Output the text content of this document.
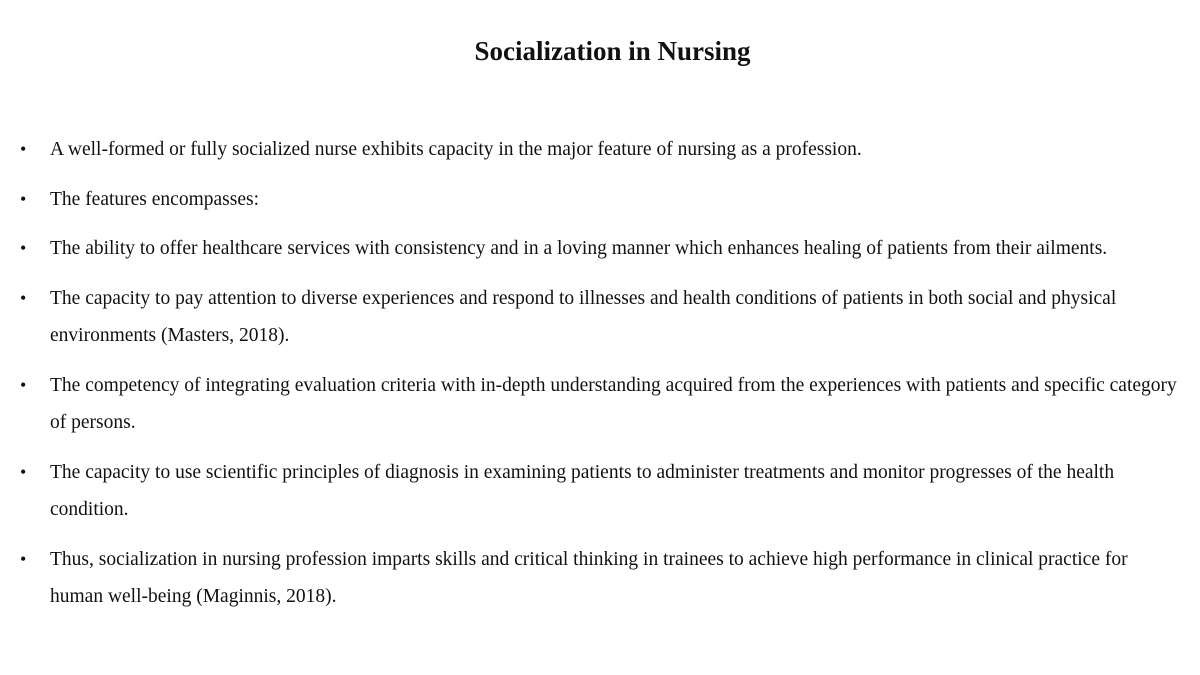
Socialization in Nursing
•	A well-formed or fully socialized nurse exhibits capacity in the major feature of nursing as a profession.
•	The features encompasses:
•	The ability to offer healthcare services with consistency and in a loving manner which enhances healing of patients from their ailments.
•	The capacity to pay attention to diverse experiences and respond to illnesses and health conditions of patients in both social and physical environments (Masters, 2018).
•	The competency of integrating evaluation criteria with in-depth understanding acquired from the experiences with patients and specific category of persons.
•	The capacity to use scientific principles of diagnosis in examining patients to administer treatments and monitor progresses of the health condition.
•	Thus, socialization in nursing profession imparts skills and critical thinking in trainees to achieve high performance in clinical practice for human well-being (Maginnis, 2018).
